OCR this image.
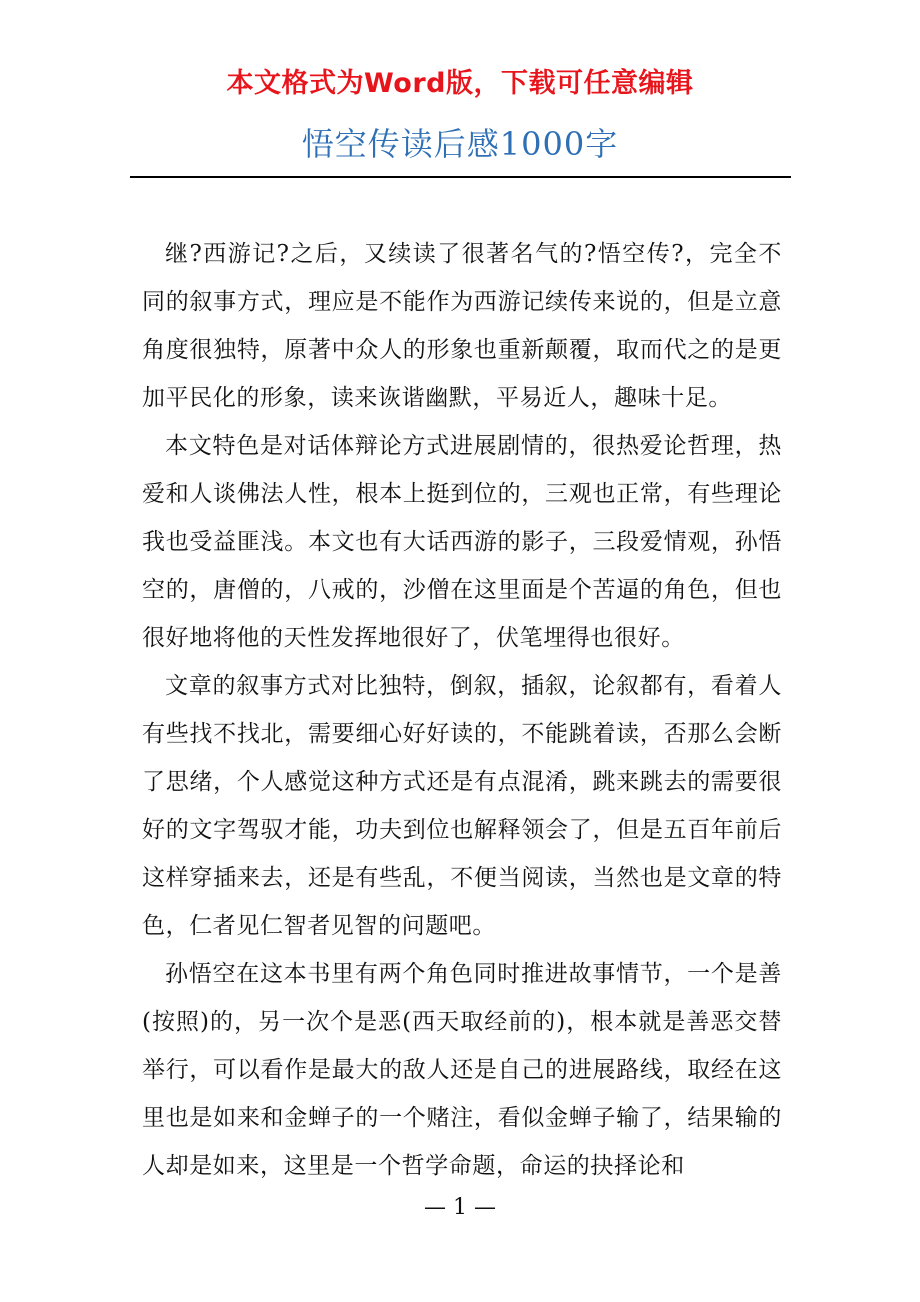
本文格式为Word版，下载可任意编辑
悟空传读后感1000字

继?西游记?之后，又续读了很著名气的?悟空传?，完全不同的叙事方式，理应是不能作为西游记续传来说的，但是立意角度很独特，原著中众人的形象也重新颠覆，取而代之的是更加平民化的形象，读来诙谐幽默，平易近人，趣味十足。

本文特色是对话体辩论方式进展剧情的，很热爱论哲理，热爱和人谈佛法人性，根本上挺到位的，三观也正常，有些理论我也受益匪浅。本文也有大话西游的影子，三段爱情观，孙悟空的，唐僧的，八戒的，沙僧在这里面是个苦逼的角色，但也很好地将他的天性发挥地很好了，伏笔埋得也很好。

文章的叙事方式对比独特，倒叙，插叙，论叙都有，看着人有些找不找北，需要细心好好读的，不能跳着读，否那么会断了思绪，个人感觉这种方式还是有点混淆，跳来跳去的需要很好的文字驾驭才能，功夫到位也解释领会了，但是五百年前后这样穿插来去，还是有些乱，不便当阅读，当然也是文章的特色，仁者见仁智者见智的问题吧。

孙悟空在这本书里有两个角色同时推进故事情节，一个是善(按照)的，另一次个是恶(西天取经前的)，根本就是善恶交替举行，可以看作是最大的敌人还是自己的进展路线，取经在这里也是如来和金蝉子的一个赌注，看似金蝉子输了，结果输的人却是如来，这里是一个哲学命题，命运的抉择论和

— 1 —
